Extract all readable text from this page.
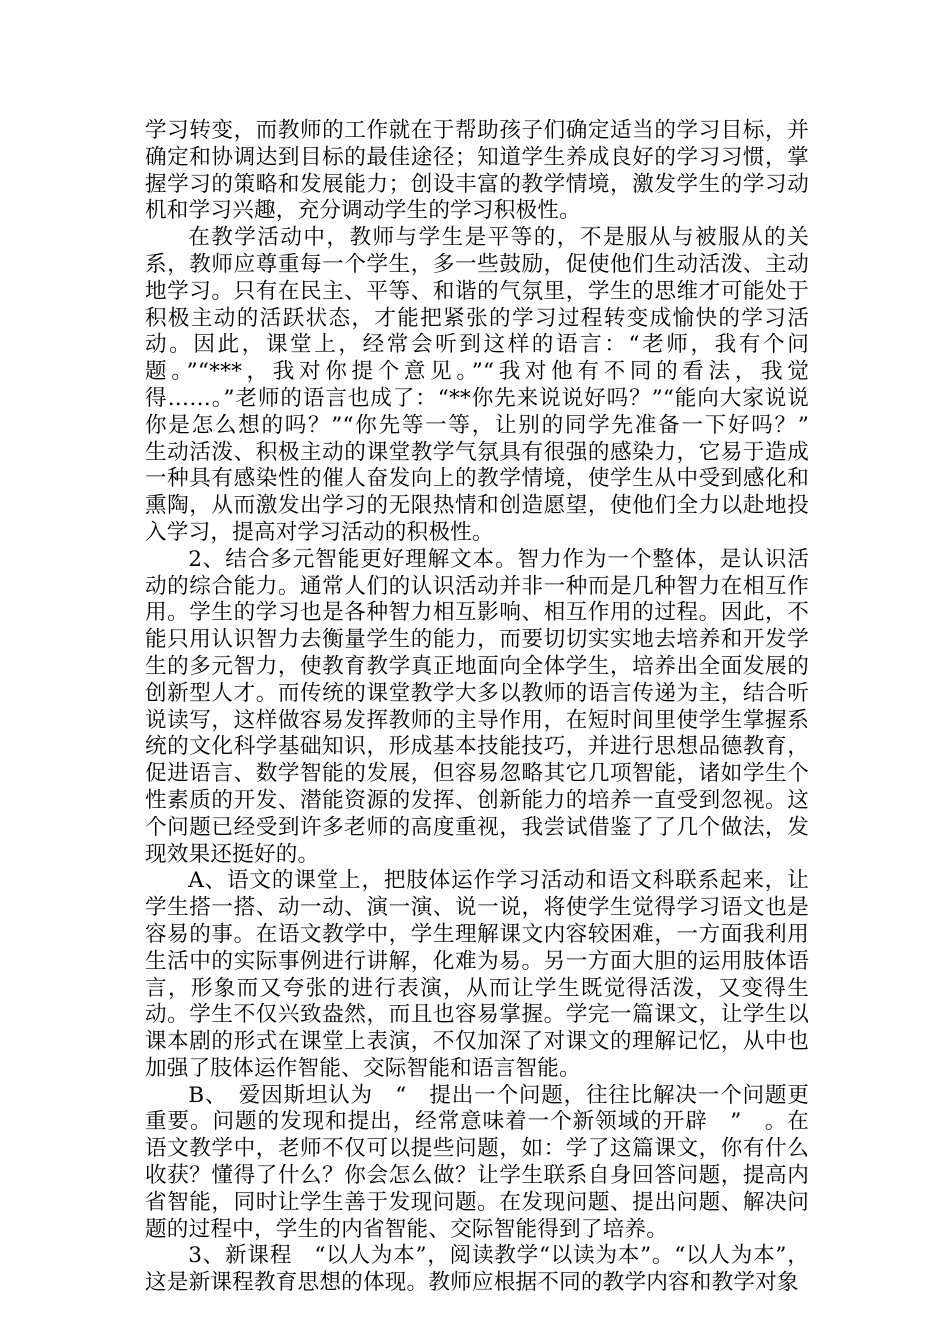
学习转变，而教师的工作就在于帮助孩子们确定适当的学习目标，并确定和协调达到目标的最佳途径；知道学生养成良好的学习习惯，掌握学习的策略和发展能力；创设丰富的教学情境，激发学生的学习动机和学习兴趣，充分调动学生的学习积极性。

在教学活动中，教师与学生是平等的，不是服从与被服从的关系，教师应尊重每一个学生，多一些鼓励，促使他们生动活泼、主动地学习。只有在民主、平等、和谐的气氛里，学生的思维才可能处于积极主动的活跃状态，才能把紧张的学习过程转变成愉快的学习活动。因此，课堂上，经常会听到这样的语言：“老师，我有个问题。”“***，我对你提个意见。”“我对他有不同的看法，我觉得……。”老师的语言也成了：“**你先来说说好吗？”“能向大家说说你是怎么想的吗？”“你先等一等，让别的同学先准备一下好吗？”　生动活泼、积极主动的课堂教学气氛具有很强的感染力，它易于造成一种具有感染性的催人奋发向上的教学情境，使学生从中受到感化和熏陶，从而激发出学习的无限热情和创造愿望，使他们全力以赴地投入学习，提高对学习活动的积极性。

2、结合多元智能更好理解文本。智力作为一个整体，是认识活动的综合能力。通常人们的认识活动并非一种而是几种智力在相互作用。学生的学习也是各种智力相互影响、相互作用的过程。因此，不能只用认识智力去衡量学生的能力，而要切切实实地去培养和开发学生的多元智力，使教育教学真正地面向全体学生，培养出全面发展的创新型人才。而传统的课堂教学大多以教师的语言传递为主，结合听说读写，这样做容易发挥教师的主导作用，在短时间里使学生掌握系统的文化科学基础知识，形成基本技能技巧，并进行思想品德教育，促进语言、数学智能的发展，但容易忽略其它几项智能，诸如学生个性素质的开发、潜能资源的发挥、创新能力的培养一直受到忽视。这个问题已经受到许多老师的高度重视，我尝试借鉴了了几个做法，发现效果还挺好的。

A、语文的课堂上，把肢体运作学习活动和语文科联系起来，让学生搭一搭、动一动、演一演、说一说，将使学生觉得学习语文也是容易的事。在语文教学中，学生理解课文内容较困难，一方面我利用生活中的实际事例进行讲解，化难为易。另一方面大胆的运用肢体语言，形象而又夸张的进行表演，从而让学生既觉得活泼，又变得生动。学生不仅兴致盎然，而且也容易掌握。学完一篇课文，让学生以课本剧的形式在课堂上表演，不仅加深了对课文的理解记忆，从中也加强了肢体运作智能、交际智能和语言智能。

B、　爱因斯坦认为　“　提出一个问题，往往比解决一个问题更重要。问题的发现和提出，经常意味着一个新领域的开辟　”　。在语文教学中，老师不仅可以提些问题，如：学了这篇课文，你有什么收获？懂得了什么？你会怎么做？让学生联系自身回答问题，提高内省智能，同时让学生善于发现问题。在发现问题、提出问题、解决问题的过程中，学生的内省智能、交际智能得到了培养。

3、新课程　“以人为本”，阅读教学“以读为本”。“以人为本”，这是新课程教育思想的体现。教师应根据不同的教学内容和教学对象
